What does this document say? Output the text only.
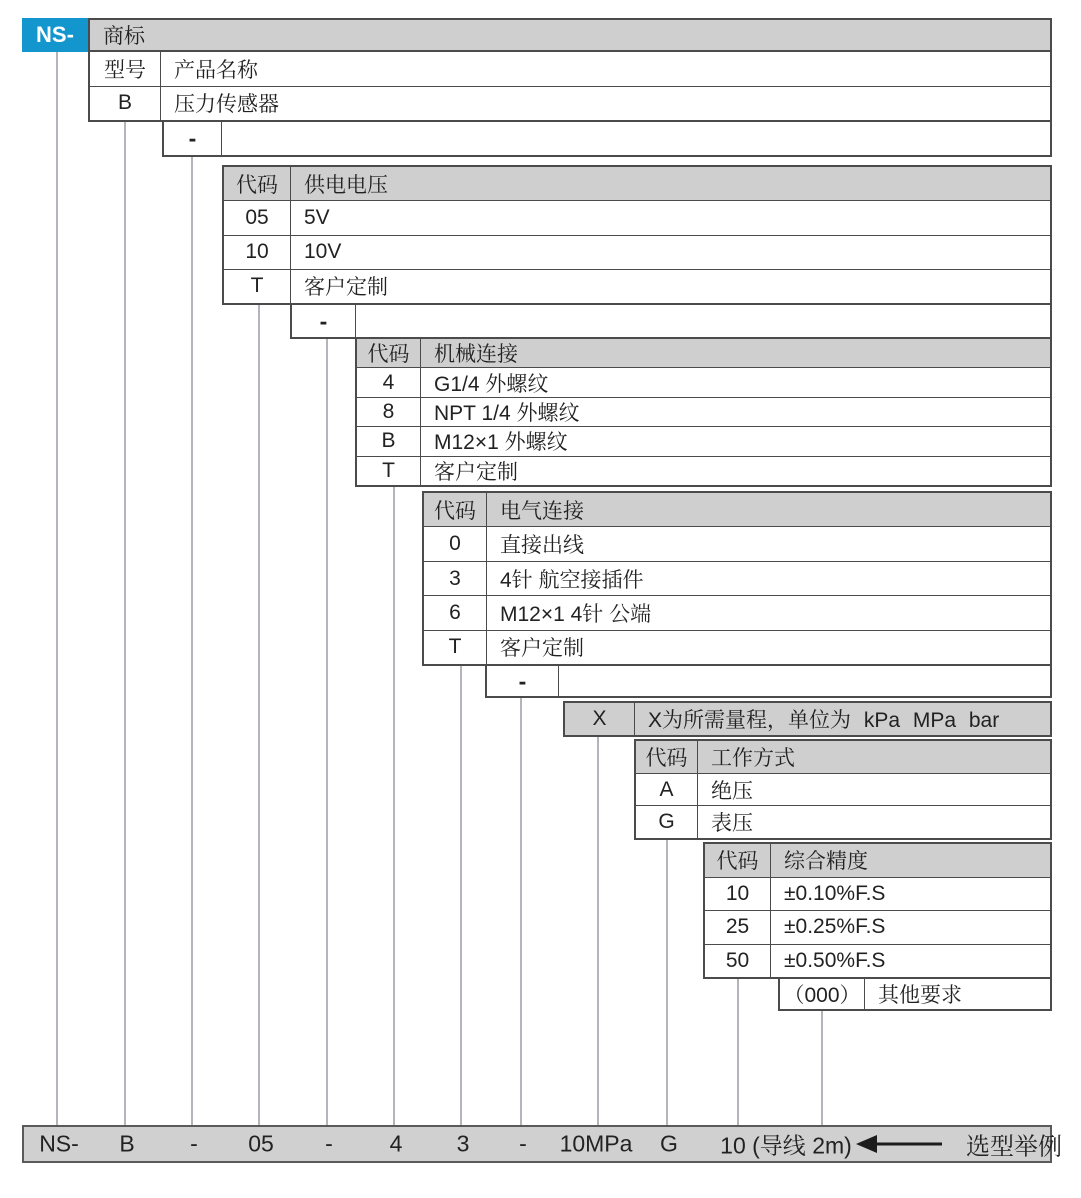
NS-	商标
型号	产品名称
B	压力传感器
-
代码	供电电压
05	5V
10	10V
T	客户定制
-
代码	机械连接
4	G1/4 外螺纹
8	NPT 1/4 外螺纹
B	M12×1 外螺纹
T	客户定制
代码	电气连接
0	直接出线
3	4针 航空接插件
6	M12×1 4针 公端
T	客户定制
-
X	X为所需量程，单位为 kPa MPa bar
代码	工作方式
A	绝压
G	表压
代码	综合精度
10	±0.10%F.S
25	±0.25%F.S
50	±0.50%F.S
（000） 其他要求
NS- B - 05 - 4 3 - 10MPa G 10 (导线 2m)	选型举例
